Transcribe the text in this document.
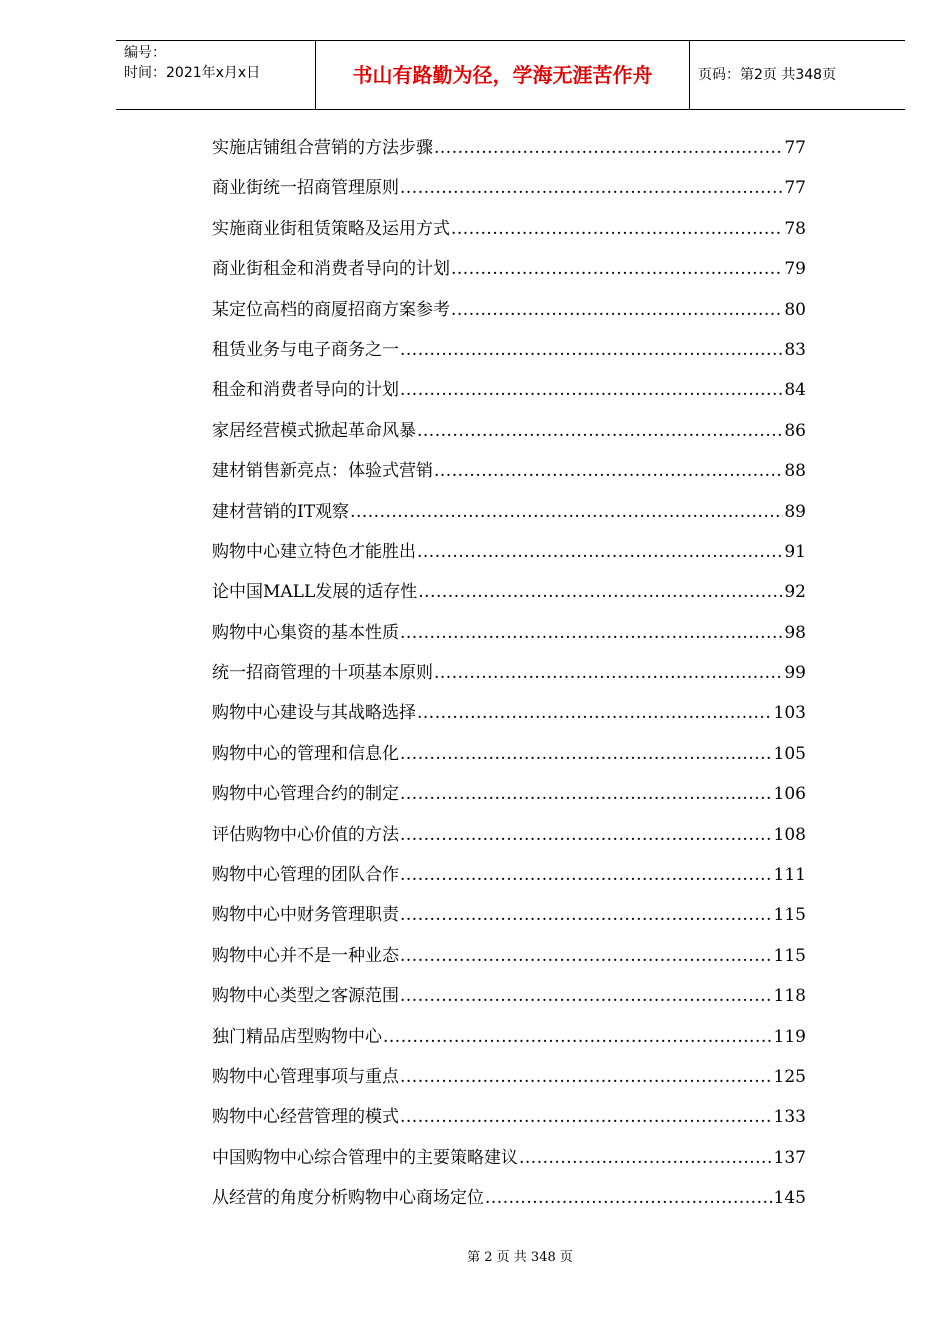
编号：
时间：2021年x月x日	书山有路勤为径，学海无涯苦作舟	页码：第2页 共348页
实施店铺组合营销的方法步骤 .....	77
商业街统一招商管理原则 .....	77
实施商业街租赁策略及运用方式 .....	78
商业街租金和消费者导向的计划 .....	79
某定位高档的商厦招商方案参考 .....	80
租赁业务与电子商务之一 .....	83
租金和消费者导向的计划 .....	84
家居经营模式掀起革命风暴 .....	86
建材销售新亮点：体验式营销 .....	88
建材营销的IT观察 .....	89
购物中心建立特色才能胜出 .....	91
论中国MALL发展的适存性 .....	92
购物中心集资的基本性质 .....	98
统一招商管理的十项基本原则 .....	99
购物中心建设与其战略选择 .....	103
购物中心的管理和信息化 .....	105
购物中心管理合约的制定 .....	106
评估购物中心价值的方法 .....	108
购物中心管理的团队合作 .....	111
购物中心中财务管理职责 .....	115
购物中心并不是一种业态 .....	115
购物中心类型之客源范围 .....	118
独门精品店型购物中心 .....	119
购物中心管理事项与重点 .....	125
购物中心经营管理的模式 .....	133
中国购物中心综合管理中的主要策略建议 .....	137
从经营的角度分析购物中心商场定位 .....	145
第 2 页 共 348 页
